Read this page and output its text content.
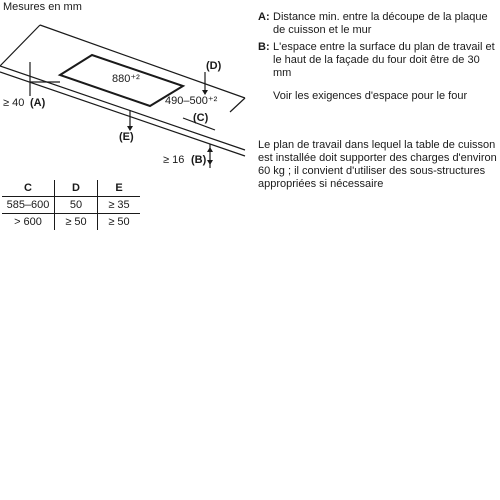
Mesures en mm
880⁺²
490–500⁺²
(D)
(C)
(E)
≥ 40 (A)
≥ 16 (B)
A: Distance min. entre la découpe de la plaque de cuisson et le mur
B: L'espace entre la surface du plan de travail et le haut de la façade du four doit être de 30 mm
Voir les exigences d'espace pour le four
Le plan de travail dans lequel la table de cuisson est installée doit supporter des charges d'environ 60 kg ; il convient d'utiliser des sous-structures appropriées si nécessaire
C	D	E
585–600	50	≥ 35
> 600	≥ 50	≥ 50
